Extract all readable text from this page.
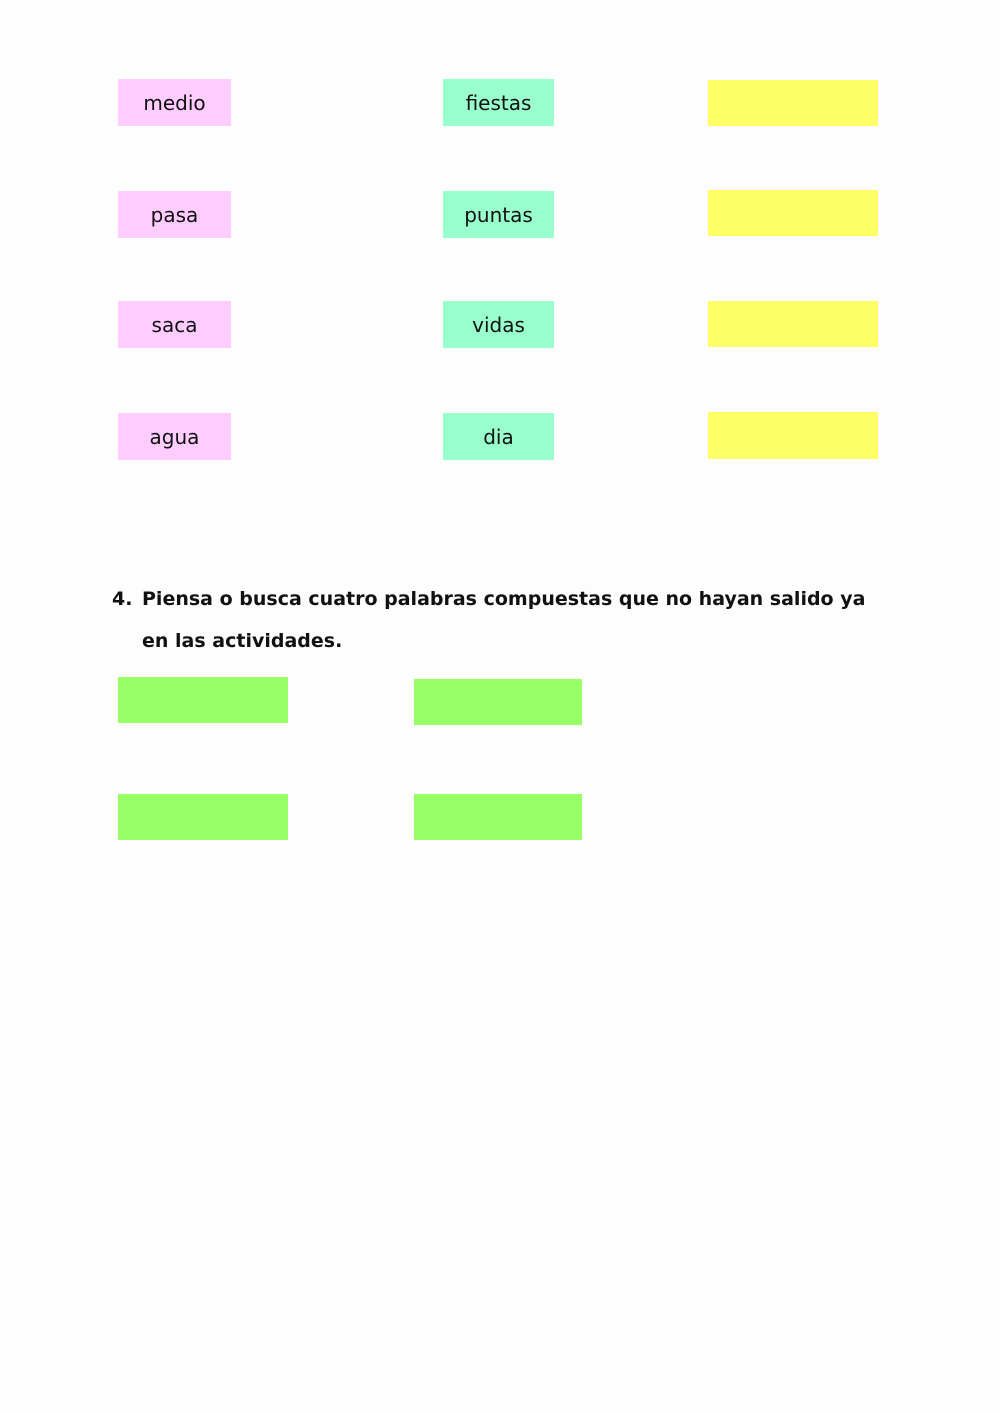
medio	fiestas
pasa	puntas
saca	vidas
agua	dia
4. Piensa o busca cuatro palabras compuestas que no hayan salido ya en las actividades.
